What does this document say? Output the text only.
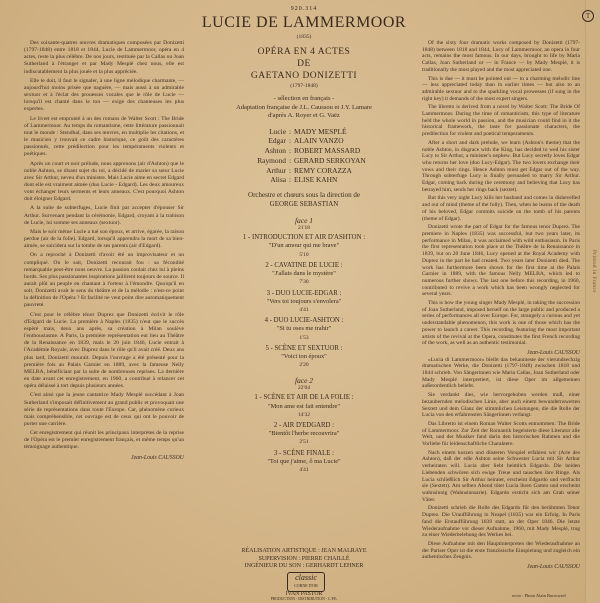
Des soixante-quatres œuvres dramatiques composées par Donizetti (1797-1848) entre 1818 et 1844, Lucie de Lammermoor, opéra en 4 actes, reste la plus célèbre. De nos jours, restituée par la Callas ou Joan Sutherland à l'étranger et par Mady Mesplé chez nous, elle est indiscutablement la plus jouée et la plus appréciée.

Elle le doit, il faut le signaler, à une ligne mélodique charmante, — aujourd'hui moins prisée que naguère, — mais aussi à un admirable sextuor et à l'éclat des prouesses vocales que le rôle de Lucie — lorsqu'il est chanté dans le ton — exige des chanteuses les plus expertes.

Le livret est emprunté à un des romans de Walter Scott : The Bride of Lammermoor. Au temps du romantisme, cette littérature passionnait tout le monde : Stendhal, dans ses œuvres, en multiplie les citations, et le musicien y trouvait ce cadre historique, ce goût des caractères passionnés, cette prédilection pour les tempéraments violents et poétiques.

Après un court et noir prélude, nous apprenons (air d'Ashton) que le noble Ashton, se disant sujet du roi, a décidé de marier sa sœur Lucie avec Sir Arthur, neveu d'un ministre. Mais Lucie aime en secret Edgard dont elle est vraiment aimée (duo Lucie - Edgard). Les deux amoureux vont échanger leurs serments et leurs anneaux. C'est pourquoi Ashton doit éloigner Edgard.

A la suite de subterfuges, Lucie finit par accepter d'épouser Sir Arthur. Survenant pendant la cérémonie, Edgard, croyant à la trahison de Lucie, lui somme ses anneaux (sextuor).

Mais le soir même Lucie a tué son époux, et arrive, égarée, la raison perdue (air de la folie). Edgard, lorsqu'il apprendra la mort de sa bien-aimée, se suicidera sur la tombe de ses parents (air d'Edgard).

On a reproché à Donizetti d'avoir été un improvisateur et un compliqué. On le sait, Donizetti recourait fou : sa fécondité remarquable peut-être nous oeuvre. La passion coulait chez lui à pleins bords. Ses plus passionantes inspirations jaillirent toujours de source. Il aurait plût au peuple en chantant à l'orteur à l'émondre. Quoiqu'il en soit, Donizetti avait le sens du théâtre et de la mélodie : n'est-ce point la définition de l'Opéra ? Et facilité ne veut point dire automatiquement pauvreté.

C'est pour le célèbre ténor Duprez que Donizetti écrivit le rôle d'Edgard de Lucie. La première à Naples (1835) n'eut que le succès espéré mais, deux ans après, sa création à Milan soulève l'enthousiasme. A Paris, la première représentation eut lieu au Théâtre de la Renaissance en 1839, mais le 20 juin 1846, Lucie entrait à l'Académie Royale, avec Duprez dans le rôle qu'il avait créé. Deux ans plus tard, Donizetti mourait. Depuis l'ouvrage a été présenté pour la première fois au Palais Garnier en 1889, avec la fameuse Nelly MELBA, bénéficiant par la suite de nombreuses reprises. La dernière en date avant cet enregistrement, en 1960, a contribué à relancer cet opéra délaissé à tort depuis plusieurs années.

C'est ainsi que la jeune cantatrice Mady Mesplé succédant à Joan Sutherland s'imposait définitivement au grand public et provoquait une série de représentations dans toute l'Europe. Car, phénomène curieux mais compréhensible, cet ouvrage est de ceux qui ont le pouvoir de porter une carrière.

Cet enregistrement qui réunit les principaux interprètes de la reprise de l'Opéra est le premier enregistrement français, et même temps qu'un témoignage authentique.

Jean-Louis CAUSSOU
920.314
LUCIE DE LAMMERMOOR
(1835)
OPÉRA EN 4 ACTES
DE
GAETANO DONIZETTI
(1797-1848)
- sélection en français -
Adaptation française de J.L. Caussou et J.Y. Lamare
d'après A. Royer et G. Vaëz
Lucie : MADY MESPLÉ
Edgar : ALAIN VANZO
Ashton : ROBERT MASSARD
Raymond : GERARD SERKOYAN
Arthur : REMY CORAZZA
Alisa : ELISE KAHN
Orchestre et chœurs sous la direction de
GEORGE SEBASTIAN
face 1
21'18
1 - INTRODUCTION ET AIR D'ASHTON :
"D'un amour qui me brave"
5'10
2 - CAVATINE DE LUCIE :
"J'allais dans le mystère"
7'30
3 - DUO LUCIE-EDGAR :
"Vers toi toujours s'envolera"
4'41
4 - DUO LUCIE-ASHTON :
"Si tu oses me trahir"
1'53
5 - SCÈNE ET SEXTUOR :
"Voici ton époux"
2'20
face 2
22'04
1 - SCÈNE ET AIR DE LA FOLIE :
"Mon ame est fait entendre"
14'32
2 - AIR D'EDGARD :
"Bientôt l'herbe recouvrira"
2'51
3 - SCÈNE FINALE :
"Toi que j'aime, ô ma Lucie"
4'41
RÉALISATION ARTISTIQUE : JEAN MALRAYE
SUPERVISION : PIERRE CHAILLÉ
INGÉNIEUR DU SON : GERHARDT LEHNER
classic
CORNE D'OR
IVAN PASTOR
PRODUCTION - DISTRIBUTION - C.P.E.

Of the sixty four dramatic works composed by Donizetti (1797-1848) between 1818 and 1844, Lucy of Lammermoor, an opera in four acts, remains the most famous. In our days, brought to life by Maria Callas, Joan Sutherland or — in France — by Mady Mesplé, it is traditionally the most played and the most appreciated one.

This is due — it must be pointed out — to a charming melodic line — less appreciated today than in earlier times — but also to an admirable sextuor and to the sparkling vocal prowesses (if sung in the right key) it demands of the most expert singers.

The libretto is derived from a novel by Walter Scott: The Bride Of Lammermoor. During the time of romanticism, this type of literature held the whole world in passion, and the musician could find in it the historical framework, the taste for passionate characters, the predilection for violent and poetical temperaments.

After a short and dark prelude, we learn (Ashton's theme) that the noble Ashton, in disgrace with the King, has decided to wed his sister Lucy to Sir Arthur, a minister's nephew. But Lucy secretly loves Edgar who returns her love (duo Lucy-Edgar). The two lovers exchange their vows and their rings. Hence Ashton must get Edgar out of the way. Through subterfuge Lucy is finally persuaded to marry Sir Arthur. Edgar, coming back during the ceremony and believing that Lucy has betrayed him, sends her rings back (sextet).

But this very night Lucy kills her husband and comes in dishevelled and out of mind (theme of the folly). Then, when he learns of the death of his beloved, Edgar commits suicide on the tomb of his parents (theme of Edgar).

Donizetti wrote the part of Edgar for the famous tenor Duprez. The premiere in Naples (1835) was successful, but two years later, its performance in Milan, it was acclaimed with wild enthusiasm. In Paris the first representation took place at the Théâtre de la Renaissance in 1839, but on 20 June 1846, Lucy opened at the Royal Academy with Duprez in the part he had created. Two years later Donizetti died. The work has furthermore been shown for the first time at the Palais Garnier in 1889, with the famous Nelly MELBA, which led to numerous further shows. The last one before this recording, in 1960, contributed to revive a work which has been wrongly neglected for several years.

This is how the young singer Mady Mesplé, in taking the succession of Joan Sutherland, imposed herself on the large public and produced a series of performances all over Europe. For, strangely a curious and yet understandable phenomenon, this work is one of those which has the power to launch a career. This recording, featuring the most important artists of the revival at the Opera, constitutes the first French recording of the work, as well as an authentic testimonial.

Jean-Louis CAUSSOU

»Lucia di Lammermoor« bleibt das bekannteste der vierundsechzig dramatischen Werke, die Donizetti (1797-1848) zwischen 1818 und 1844 schrieb. Von Sängerinnen wie Maria Callas, Joan Sutherland oder Mady Mesplé interpretiert, ist diese Oper im allgemeinen außerordentlich beliebt.

Sie verdankt dies, wie hervorgehoben werden muß, einer bezaubernden melodischen Linie, aber auch einem bewundernswerten Sextett und dem Glanz der stimmlichen Leistungen, die die Rolle der Lucia von den erfahrensten Sängerinnen verlangt.

Das Libretto ist einem Roman Walter Scotts entnommen: The Bride of Lammermoor. Zur Zeit der Romantik begeisterte diese Literatur alle Welt, und der Musiker fand darin den historischen Rahmen und die Vorliebe für leidenschaftliche Charaktere.

Nach einem kurzen und düsteren Vorspiel erfahren wir (Arie des Ashton), daß der edle Ashton seine Schwester Lucia mit Sir Arthur verheiraten will. Lucia aber liebt heimlich Edgardo. Die beiden Liebenden schwören sich ewige Treue und tauschen ihre Ringe. Als Lucia schließlich Sir Arthur heiratet, erscheint Edgardo und verflucht sie (Sextett). Am selben Abend tötet Lucia ihren Gatten und erscheint wahnsinnig (Wahnsinnsarie). Edgardo ersticht sich am Grab seiner Väter.

Donizetti schrieb die Rolle des Edgardo für den berühmten Tenor Duprez. Die Uraufführung in Neapel (1835) war ein Erfolg. In Paris fand die Erstaufführung 1839 statt, an der Oper 1846. Die letzte Wiederaufnahme vor dieser Aufnahme, 1960, mit Mady Mesplé, trug zu einer Wiederbelebung des Werkes bei.

Diese Aufnahme mit den Hauptinterpreten der Wiederaufnahme an der Pariser Oper ist die erste französische Einspielung und zugleich ein authentisches Zeugnis.

Jean-Louis CAUSSOU
recto : Photo Alain Burrowsel
T
Printed in France
